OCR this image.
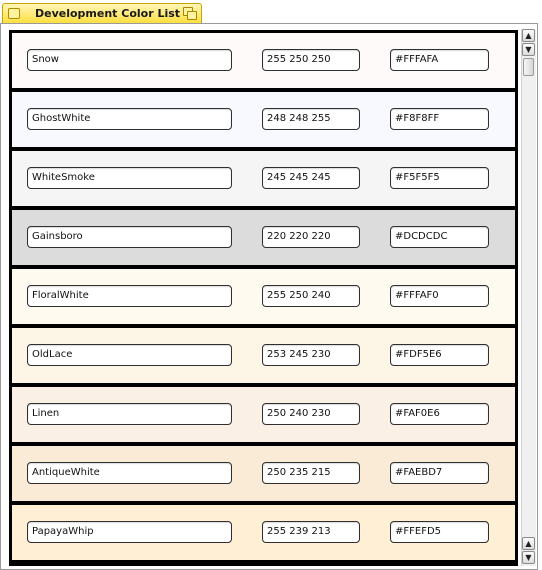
Development Color List
Snow	255 250 250	#FFFAFA
GhostWhite	248 248 255	#F8F8FF
WhiteSmoke	245 245 245	#F5F5F5
Gainsboro	220 220 220	#DCDCDC
FloralWhite	255 250 240	#FFFAF0
OldLace	253 245 230	#FDF5E6
Linen	250 240 230	#FAF0E6
AntiqueWhite	250 235 215	#FAEBD7
PapayaWhip	255 239 213	#FFEFD5
▲
▼
▲
▼
